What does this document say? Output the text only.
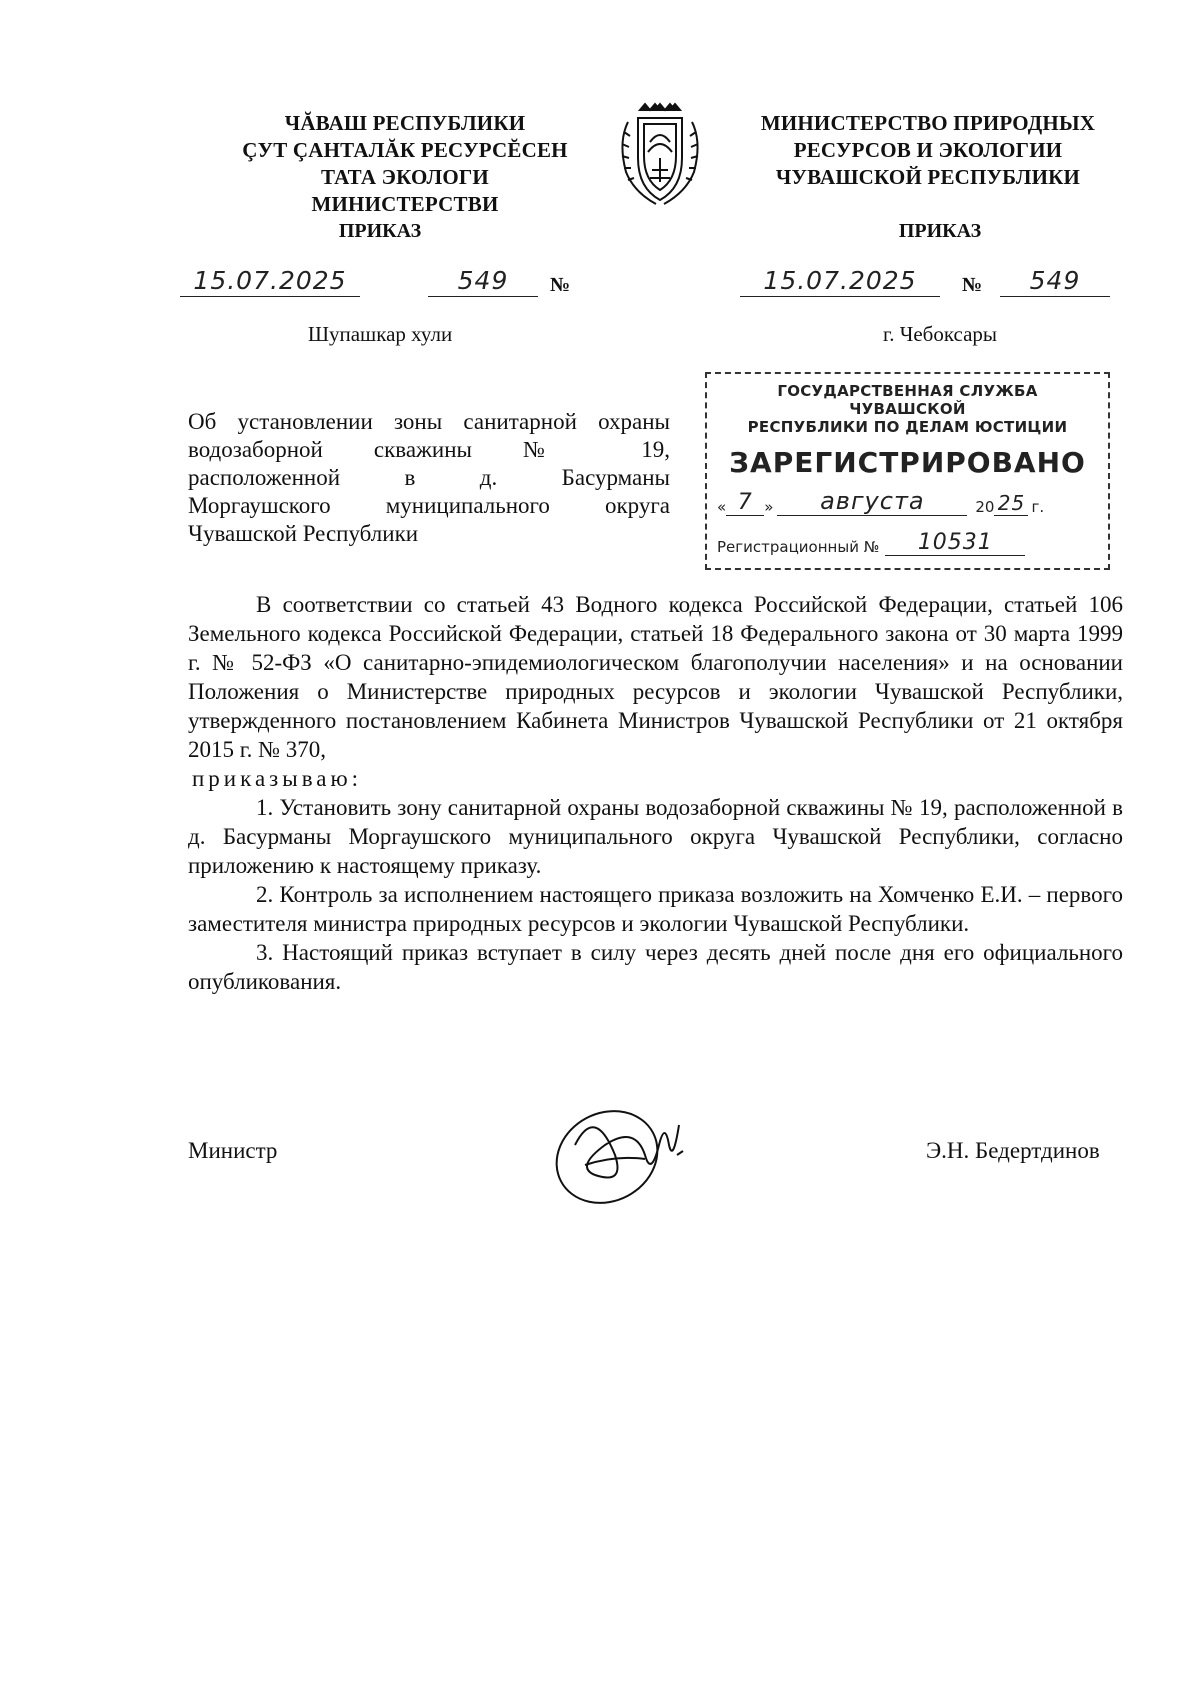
ЧĂВАШ РЕСПУБЛИКИ
ÇУТ ÇАНТАЛĂК РЕСУРСĔСЕН
ТАТА ЭКОЛОГИ МИНИСТЕРСТВИ
МИНИСТЕРСТВО ПРИРОДНЫХ
РЕСУРСОВ И ЭКОЛОГИИ
ЧУВАШСКОЙ РЕСПУБЛИКИ
ПРИКАЗ	ПРИКАЗ
15.07.2025	549	№	15.07.2025	№	549
Шупашкар хули	г. Чебоксары
ГОСУДАРСТВЕННАЯ СЛУЖБА ЧУВАШСКОЙ
РЕСПУБЛИКИ ПО ДЕЛАМ ЮСТИЦИИ
ЗАРЕГИСТРИРОВАНО
« 7 »	августа	20 25 г.
Регистрационный №	10531
Об установлении зоны санитарной охраны
водозаборной скважины № 19,
расположенной в д. Басурманы
Моргаушского муниципального округа
Чувашской Республики

В соответствии со статьей 43 Водного кодекса Российской Федерации, статьей 106 Земельного кодекса Российской Федерации, статьей 18 Федерального закона от 30 марта 1999 г. № 52-ФЗ «О санитарно-эпидемиологическом благополучии населения» и на основании Положения о Министерстве природных ресурсов и экологии Чувашской Республики, утвержденного постановлением Кабинета Министров Чувашской Республики от 21 октября 2015 г. № 370,

приказываю:

1. Установить зону санитарной охраны водозаборной скважины № 19, расположенной в д. Басурманы Моргаушского муниципального округа Чувашской Республики, согласно приложению к настоящему приказу.

2. Контроль за исполнением настоящего приказа возложить на Хомченко Е.И. – первого заместителя министра природных ресурсов и экологии Чувашской Республики.

3. Настоящий приказ вступает в силу через десять дней после дня его официального опубликования.

Министр	Э.Н. Бедертдинов
